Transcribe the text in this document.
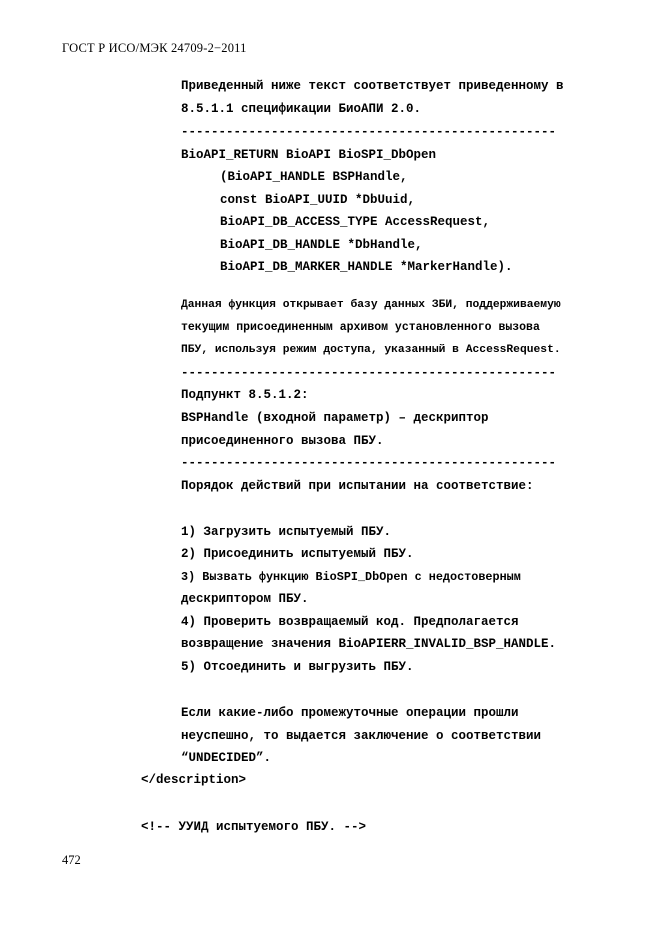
ГОСТ Р ИСО/МЭК 24709-2−2011
Приведенный ниже текст соответствует приведенному в
8.5.1.1 спецификации БиоАПИ 2.0.
--------------------------------------------------
BioAPI_RETURN BioAPI BioSPI_DbOpen
(BioAPI_HANDLE BSPHandle,
const BioAPI_UUID *DbUuid,
BioAPI_DB_ACCESS_TYPE AccessRequest,
BioAPI_DB_HANDLE *DbHandle,
BioAPI_DB_MARKER_HANDLE *MarkerHandle).
Данная функция открывает базу данных ЗБИ, поддерживаемую
текущим присоединенным архивом установленного вызова
ПБУ, используя режим доступа, указанный в AccessRequest.
--------------------------------------------------
Подпункт 8.5.1.2:
BSPHandle (входной параметр) – дескриптор
присоединенного вызова ПБУ.
--------------------------------------------------
Порядок действий при испытании на соответствие:
1) Загрузить испытуемый ПБУ.
2) Присоединить испытуемый ПБУ.
3) Вызвать функцию BioSPI_DbOpen с недостоверным
дескриптором ПБУ.
4) Проверить возвращаемый код. Предполагается
возвращение значения BioAPIERR_INVALID_BSP_HANDLE.
5) Отсоединить и выгрузить ПБУ.
Если какие-либо промежуточные операции прошли
неуспешно, то выдается заключение о соответствии
“UNDECIDED”.
</description>
<!-- УУИД испытуемого ПБУ. -->
472
